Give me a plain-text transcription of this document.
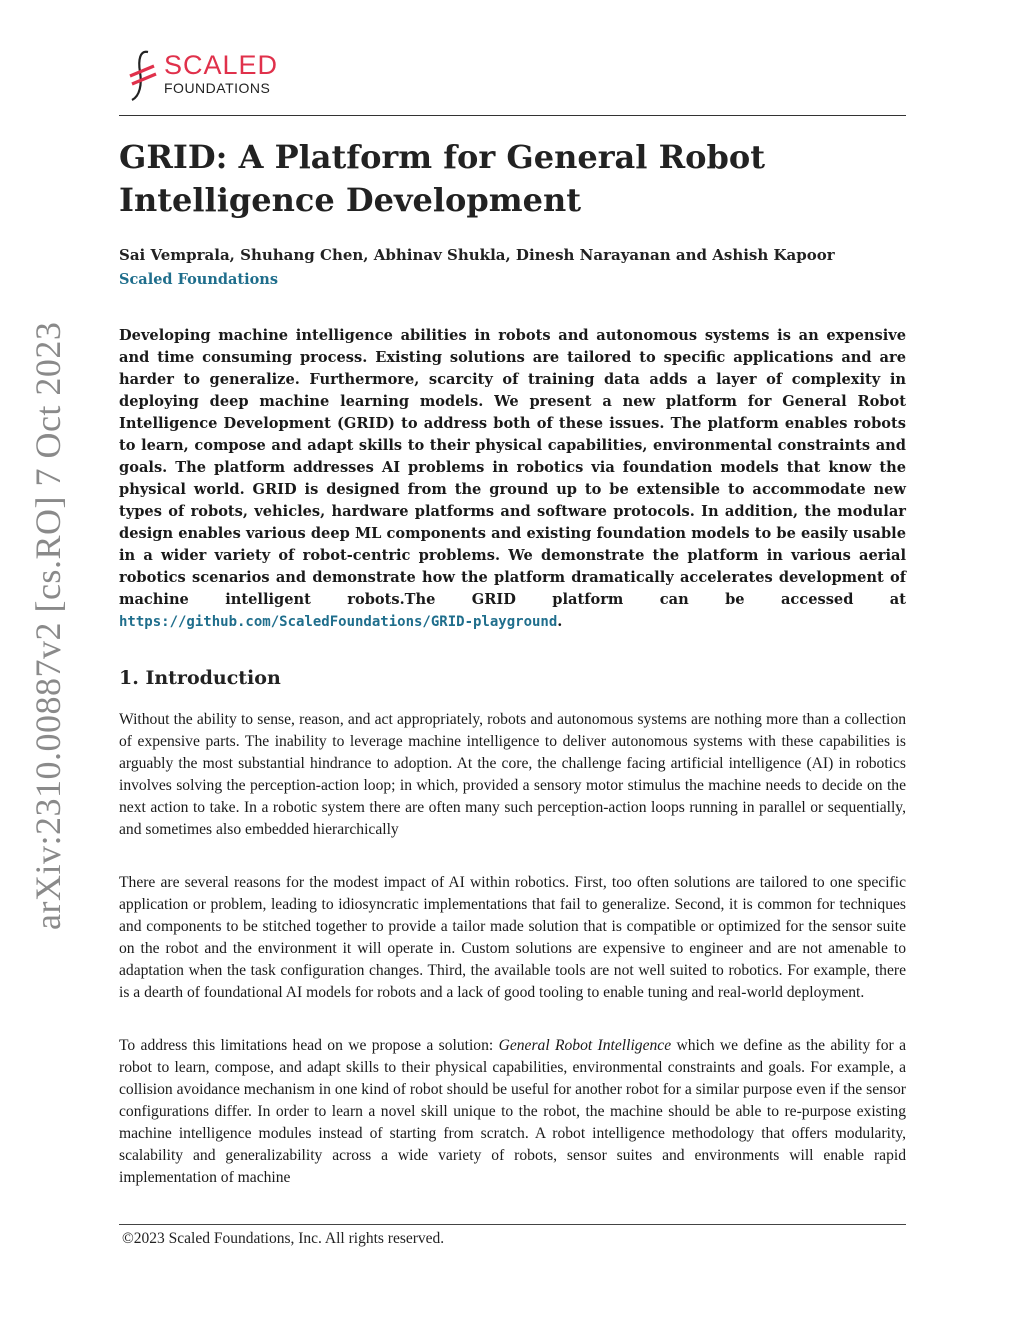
SCALED
FOUNDATIONS
GRID: A Platform for General Robot Intelligence Development
Sai Vemprala, Shuhang Chen, Abhinav Shukla, Dinesh Narayanan and Ashish Kapoor
Scaled Foundations

Developing machine intelligence abilities in robots and autonomous systems is an expensive and time consuming process. Existing solutions are tailored to specific applications and are harder to generalize. Furthermore, scarcity of training data adds a layer of complexity in deploying deep machine learning models. We present a new platform for General Robot Intelligence Development (GRID) to address both of these issues. The platform enables robots to learn, compose and adapt skills to their physical capabilities, environmental constraints and goals. The platform addresses AI problems in robotics via foundation models that know the physical world. GRID is designed from the ground up to be extensible to accommodate new types of robots, vehicles, hardware platforms and software protocols. In addition, the modular design enables various deep ML components and existing foundation models to be easily usable in a wider variety of robot-centric problems. We demonstrate the platform in various aerial robotics scenarios and demonstrate how the platform dramatically accelerates development of machine intelligent robots.The GRID platform can be accessed at https://github.com/ScaledFoundations/GRID-playground.

1. Introduction

Without the ability to sense, reason, and act appropriately, robots and autonomous systems are nothing more than a collection of expensive parts. The inability to leverage machine intelligence to deliver autonomous systems with these capabilities is arguably the most substantial hindrance to adoption. At the core, the challenge facing artificial intelligence (AI) in robotics involves solving the perception-action loop; in which, provided a sensory motor stimulus the machine needs to decide on the next action to take. In a robotic system there are often many such perception-action loops running in parallel or sequentially, and sometimes also embedded hierarchically

There are several reasons for the modest impact of AI within robotics. First, too often solutions are tailored to one specific application or problem, leading to idiosyncratic implementations that fail to generalize. Second, it is common for techniques and components to be stitched together to provide a tailor made solution that is compatible or optimized for the sensor suite on the robot and the environment it will operate in. Custom solutions are expensive to engineer and are not amenable to adaptation when the task configuration changes. Third, the available tools are not well suited to robotics. For example, there is a dearth of foundational AI models for robots and a lack of good tooling to enable tuning and real-world deployment.

To address this limitations head on we propose a solution: General Robot Intelligence which we define as the ability for a robot to learn, compose, and adapt skills to their physical capabilities, environmental constraints and goals. For example, a collision avoidance mechanism in one kind of robot should be useful for another robot for a similar purpose even if the sensor configurations differ. In order to learn a novel skill unique to the robot, the machine should be able to re-purpose existing machine intelligence modules instead of starting from scratch. A robot intelligence methodology that offers modularity, scalability and generalizability across a wide variety of robots, sensor suites and environments will enable rapid implementation of machine

©2023 Scaled Foundations, Inc. All rights reserved.
arXiv:2310.00887v2 [cs.RO] 7 Oct 2023
